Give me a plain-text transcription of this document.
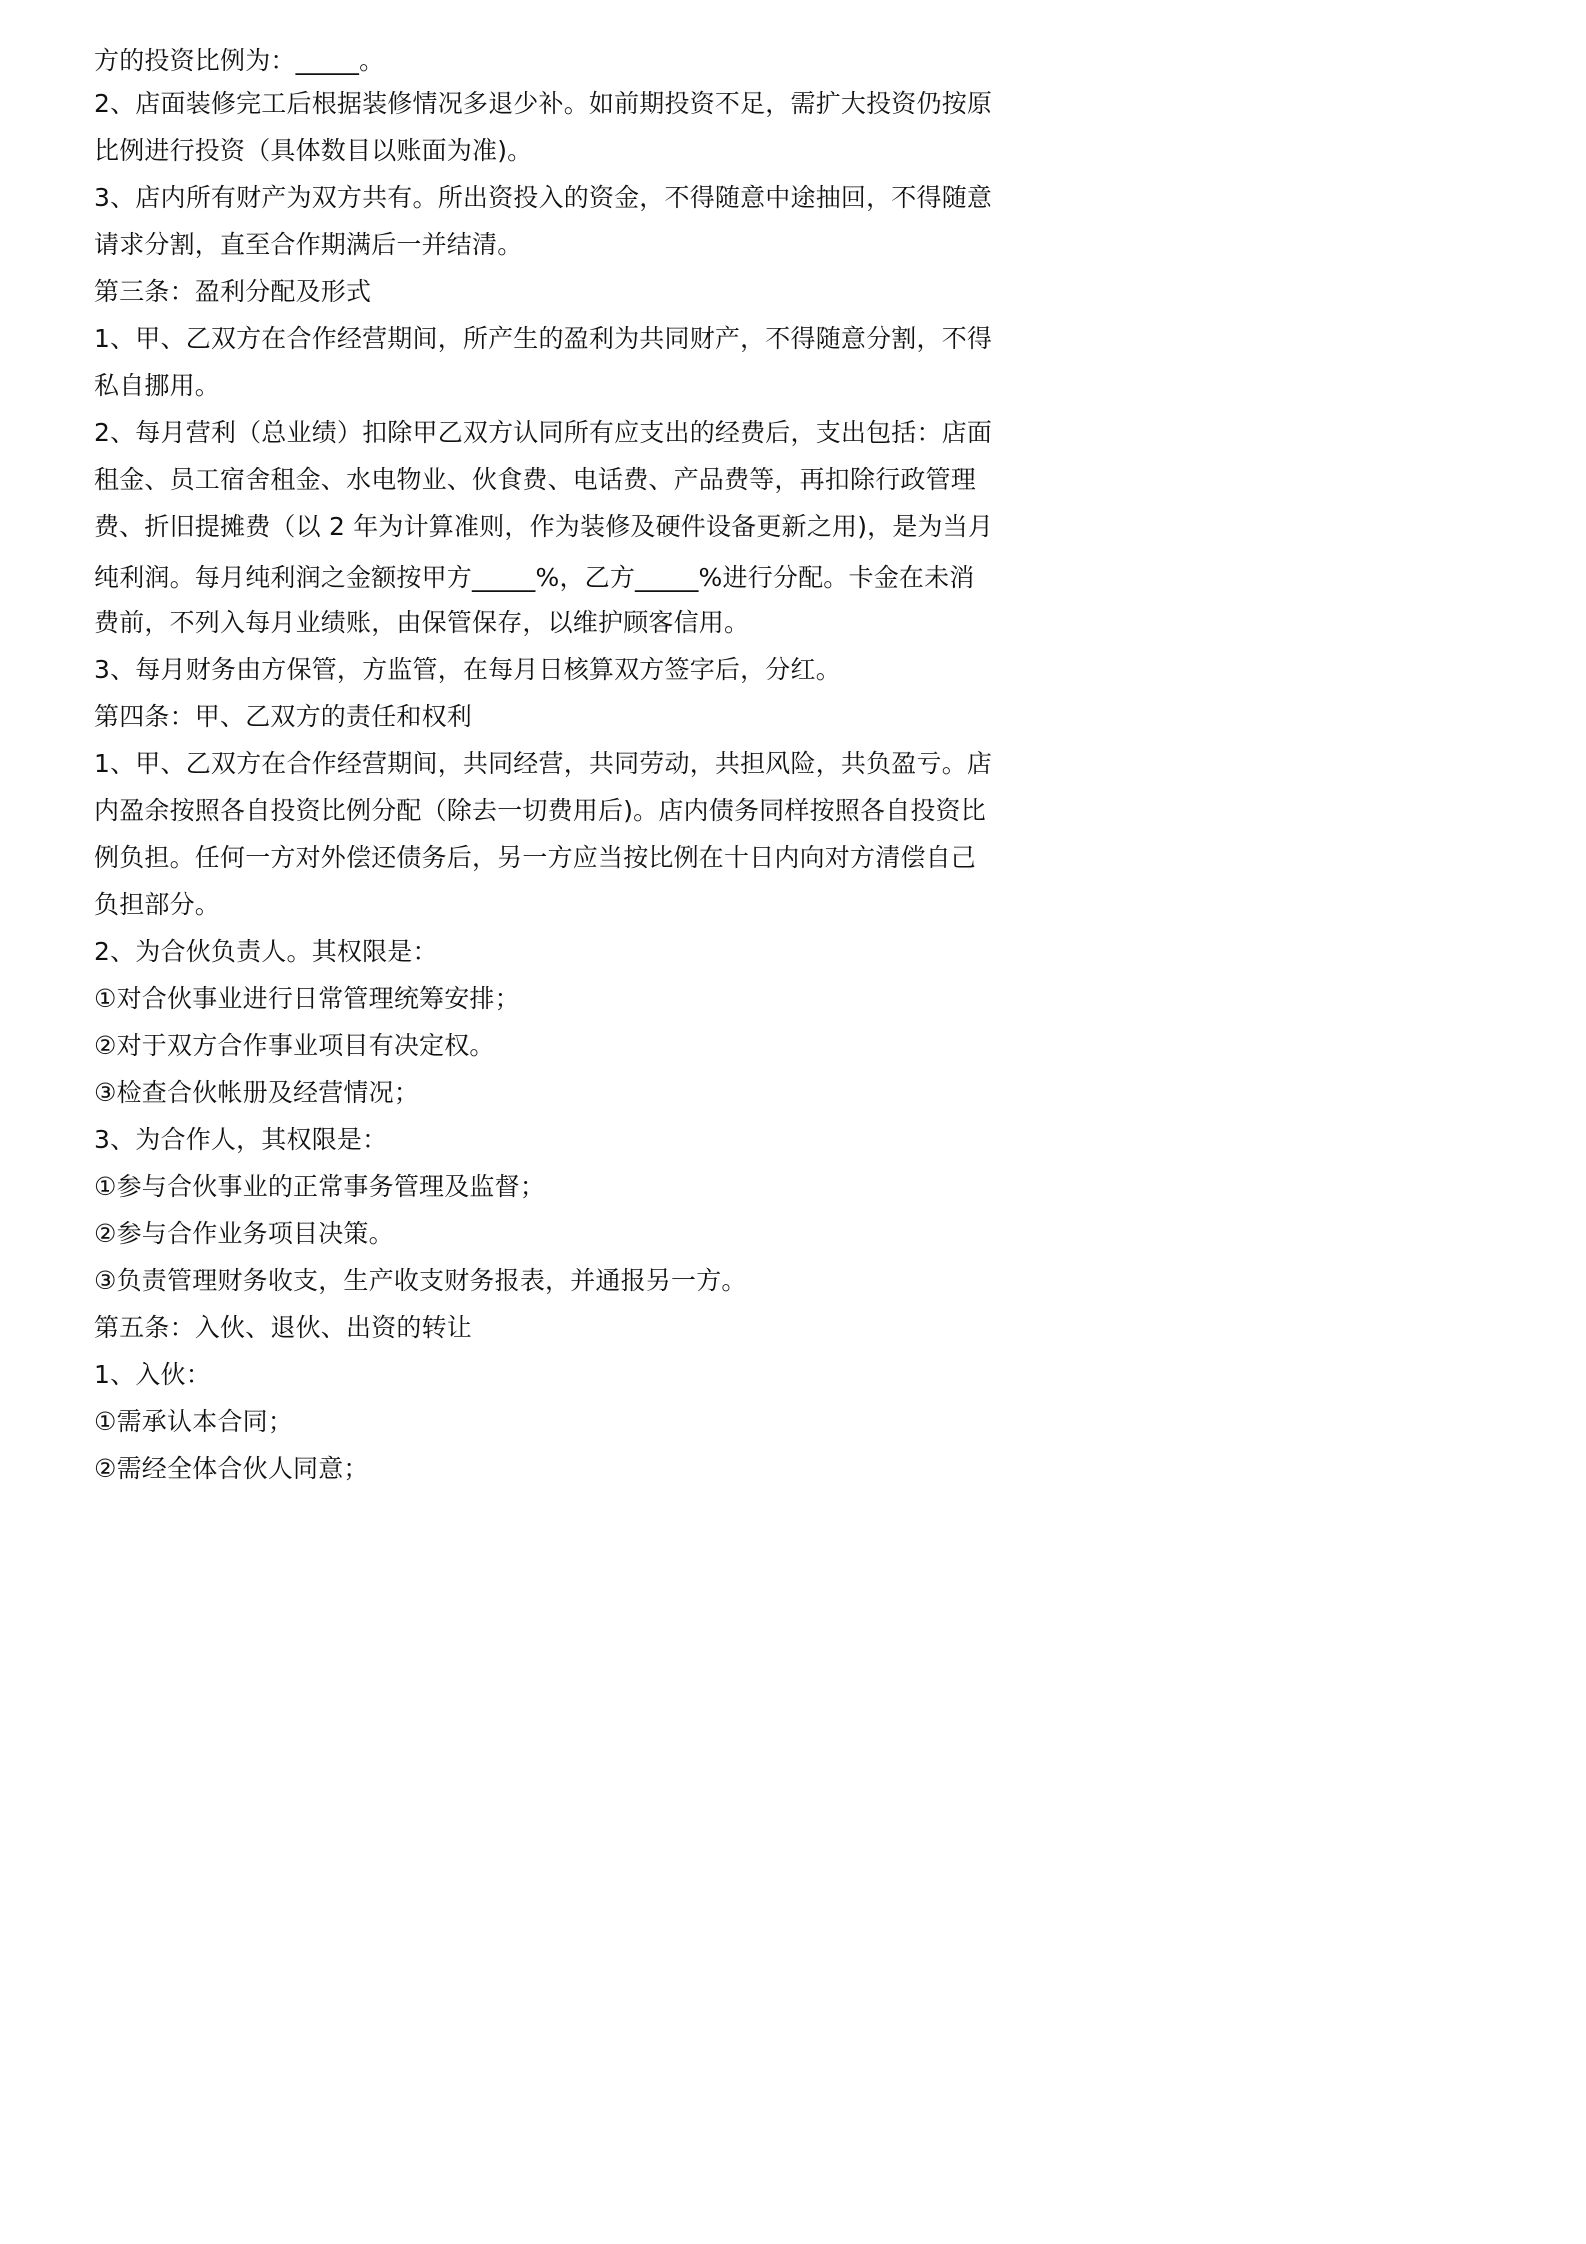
方的投资比例为：_____。

2、店面装修完工后根据装修情况多退少补。如前期投资不足，需扩大投资仍按原

比例进行投资（具体数目以账面为准)。

3、店内所有财产为双方共有。所出资投入的资金，不得随意中途抽回，不得随意

请求分割，直至合作期满后一并结清。

第三条：盈利分配及形式

1、甲、乙双方在合作经营期间，所产生的盈利为共同财产，不得随意分割，不得

私自挪用。

2、每月营利（总业绩）扣除甲乙双方认同所有应支出的经费后，支出包括：店面

租金、员工宿舍租金、水电物业、伙食费、电话费、产品费等，再扣除行政管理

费、折旧提摊费（以 2 年为计算准则，作为装修及硬件设备更新之用)，是为当月

纯利润。每月纯利润之金额按甲方_____%，乙方_____%进行分配。卡金在未消

费前，不列入每月业绩账，由保管保存，以维护顾客信用。

3、每月财务由方保管，方监管，在每月日核算双方签字后，分红。

第四条：甲、乙双方的责任和权利

1、甲、乙双方在合作经营期间，共同经营，共同劳动，共担风险，共负盈亏。店

内盈余按照各自投资比例分配（除去一切费用后)。店内债务同样按照各自投资比

例负担。任何一方对外偿还债务后，另一方应当按比例在十日内向对方清偿自己

负担部分。

2、为合伙负责人。其权限是：

①对合伙事业进行日常管理统筹安排；

②对于双方合作事业项目有决定权。

③检查合伙帐册及经营情况；

3、为合作人，其权限是：

①参与合伙事业的正常事务管理及监督；

②参与合作业务项目决策。

③负责管理财务收支，生产收支财务报表，并通报另一方。

第五条：入伙、退伙、出资的转让

1、入伙：

①需承认本合同；

②需经全体合伙人同意；
